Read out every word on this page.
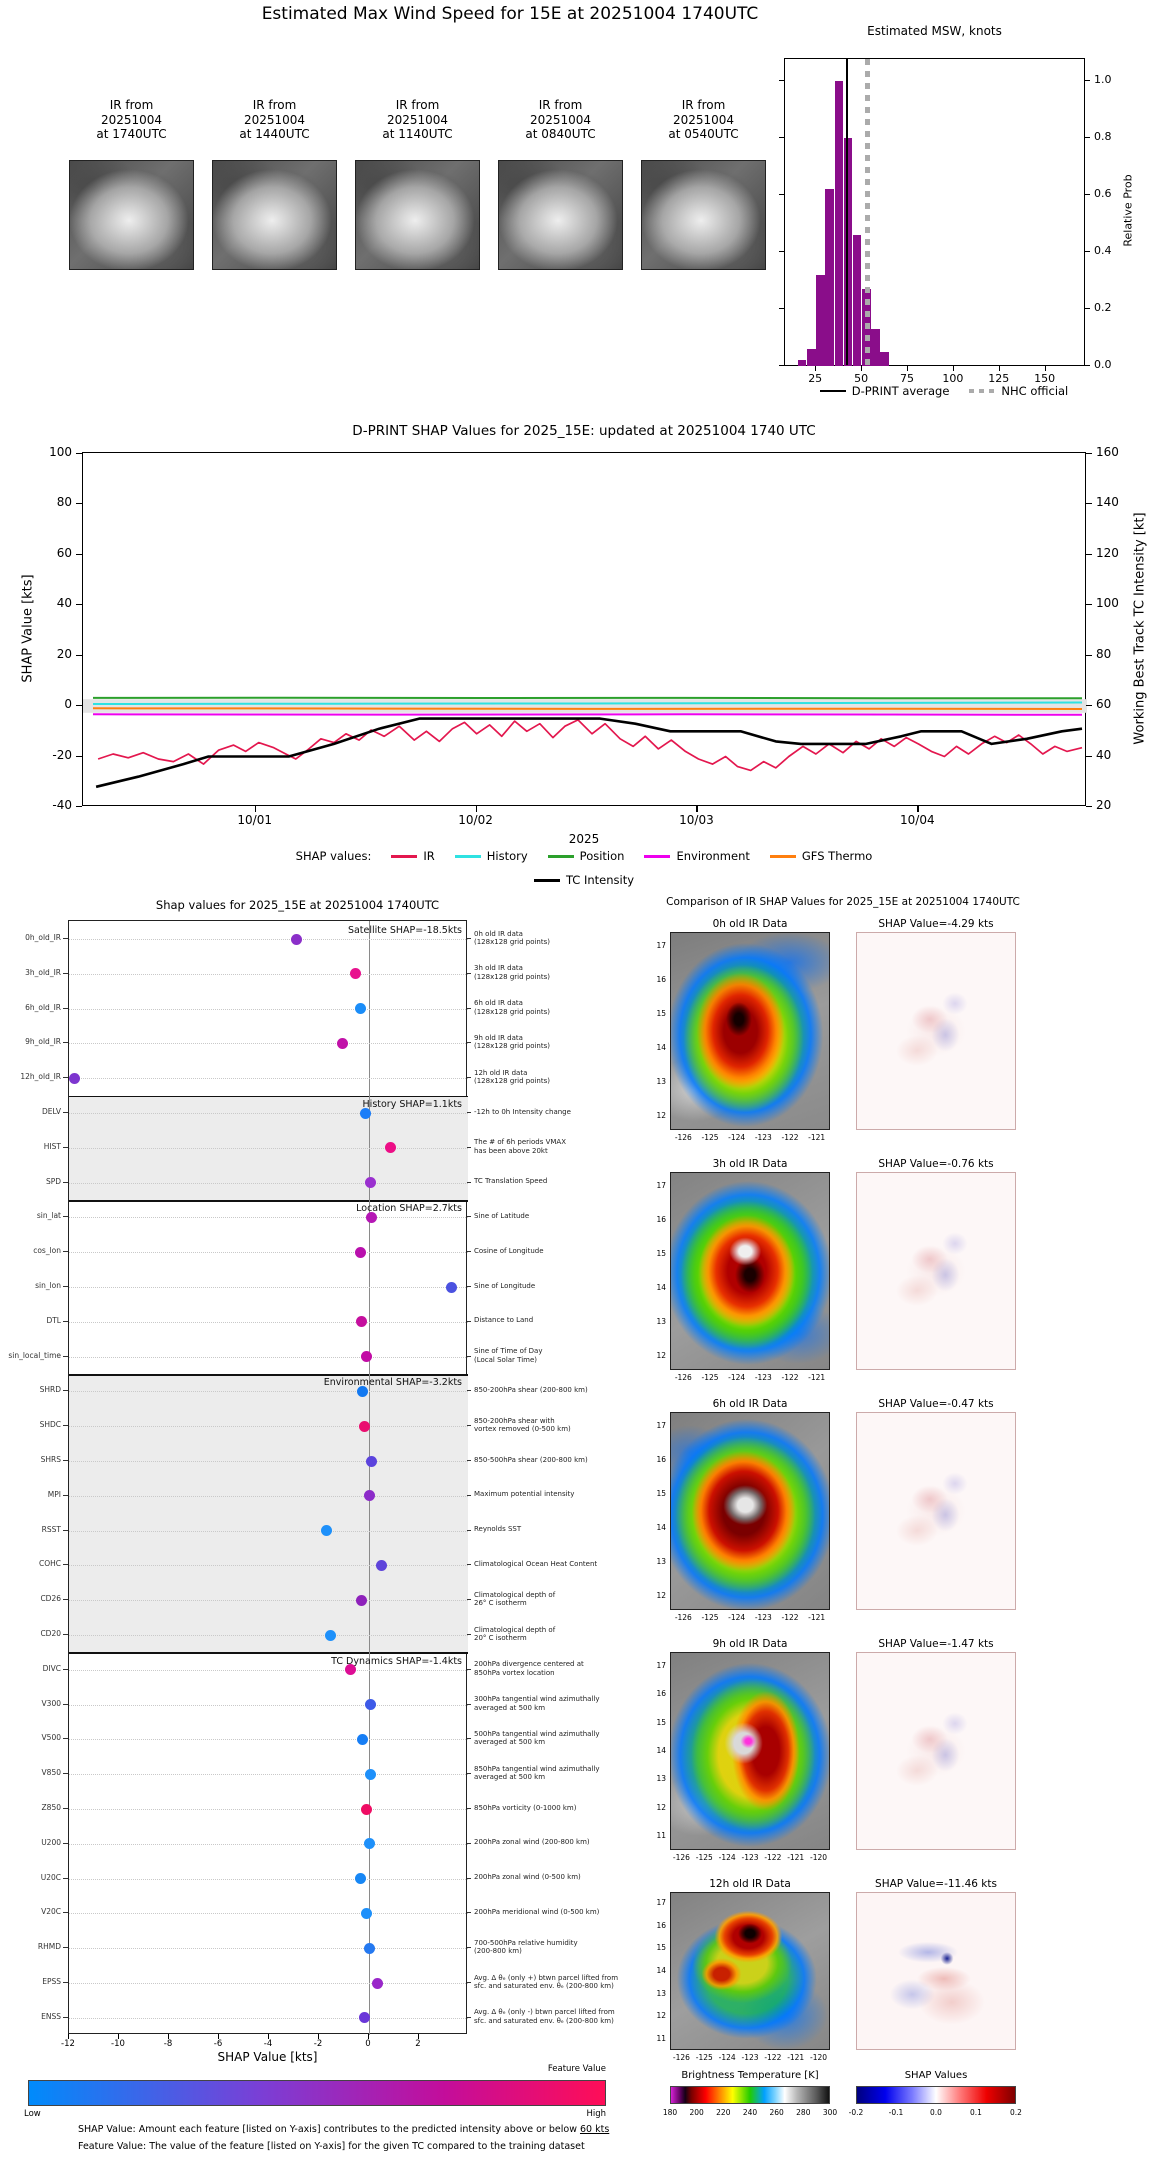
Estimated Max Wind Speed for 15E at 20251004 1740UTC
Estimated MSW, knots
Relative Prob
D-PRINT average	NHC official
D-PRINT SHAP Values for 2025_15E: updated at 20251004 1740 UTC
SHAP Value [kts]	Working Best Track TC Intensity [kt]
2025
SHAP values:	IR	History	Position	Environment	GFS Thermo
TC Intensity
Shap values for 2025_15E at 20251004 1740UTC
SHAP Value [kts]
Feature Value
Low	High
SHAP Value: Amount each feature [listed on Y-axis] contributes to the predicted intensity above or below 60 kts
Feature Value: The value of the feature [listed on Y-axis] for the given TC compared to the training dataset
Comparison of IR SHAP Values for 2025_15E at 20251004 1740UTC
0h old IR Data	SHAP Value=-4.29 kts
17
16
15
14
13
12
-126	-125	-124	-123	-122	-121
3h old IR Data	SHAP Value=-0.76 kts
17
16
15
14
13
12
-126	-125	-124	-123	-122	-121
6h old IR Data	SHAP Value=-0.47 kts
17
16
15
14
13
12
-126	-125	-124	-123	-122	-121
9h old IR Data	SHAP Value=-1.47 kts
17
16
15
14
13
12
11
-126 -125 -124 -123 -122 -121 -120
12h old IR Data	SHAP Value=-11.46 kts
17
16
15
14
13
12
11
-126 -125 -124 -123 -122 -121 -120
Brightness Temperature [K]
180	200	220	240	260	280	300
SHAP Values
-0.2	-0.1	0.0	0.1	0.2
IR from
20251004
at 1740UTC
IR from
20251004
at 1440UTC
IR from
20251004
at 1140UTC
IR from
20251004
at 0840UTC
IR from
20251004
at 0540UTC
0.0
0.2
0.4
0.6
0.8
1.0
25	50	75	100	125	150
100
80
60
40
20
0
-20
-40
160
140
120
100
80
60
40
20
10/01	10/02	10/03	10/04
0h_old_IR	0h old IR data
(128x128 grid points)
3h_old_IR	3h old IR data
(128x128 grid points)
6h_old_IR	6h old IR data
(128x128 grid points)
9h_old_IR	9h old IR data
(128x128 grid points)
12h_old_IR	12h old IR data
(128x128 grid points)
DELV	-12h to 0h Intensity change
HIST	The # of 6h periods VMAX
has been above 20kt
SPD	TC Translation Speed
sin_lat	Sine of Latitude
cos_lon	Cosine of Longitude
sin_lon	Sine of Longitude
DTL	Distance to Land
sin_local_time	Sine of Time of Day
(Local Solar Time)
SHRD	850-200hPa shear (200-800 km)
SHDC	850-200hPa shear with
vortex removed (0-500 km)
SHRS	850-500hPa shear (200-800 km)
MPI	Maximum potential intensity
RSST	Reynolds SST
COHC	Climatological Ocean Heat Content
CD26	Climatological depth of
26° C isotherm
CD20	Climatological depth of
20° C isotherm
DIVC	200hPa divergence centered at
850hPa vortex location
V300	300hPa tangential wind azimuthally
averaged at 500 km
V500	500hPa tangential wind azimuthally
averaged at 500 km
V850	850hPa tangential wind azimuthally
averaged at 500 km
Z850	850hPa vorticity (0-1000 km)
U200	200hPa zonal wind (200-800 km)
U20C	200hPa zonal wind (0-500 km)
V20C	200hPa meridional wind (0-500 km)
RHMD	700-500hPa relative humidity
(200-800 km)
EPSS	Avg. Δ θₑ (only +) btwn parcel lifted from
sfc. and saturated env. θₑ (200-800 km)
ENSS	Avg. Δ θₑ (only -) btwn parcel lifted from
sfc. and saturated env. θₑ (200-800 km)
Satellite SHAP=-18.5kts
History SHAP=1.1kts
Location SHAP=2.7kts
Environmental SHAP=-3.2kts
TC Dynamics SHAP=-1.4kts
-12	-10	-8	-6	-4	-2	0	2
